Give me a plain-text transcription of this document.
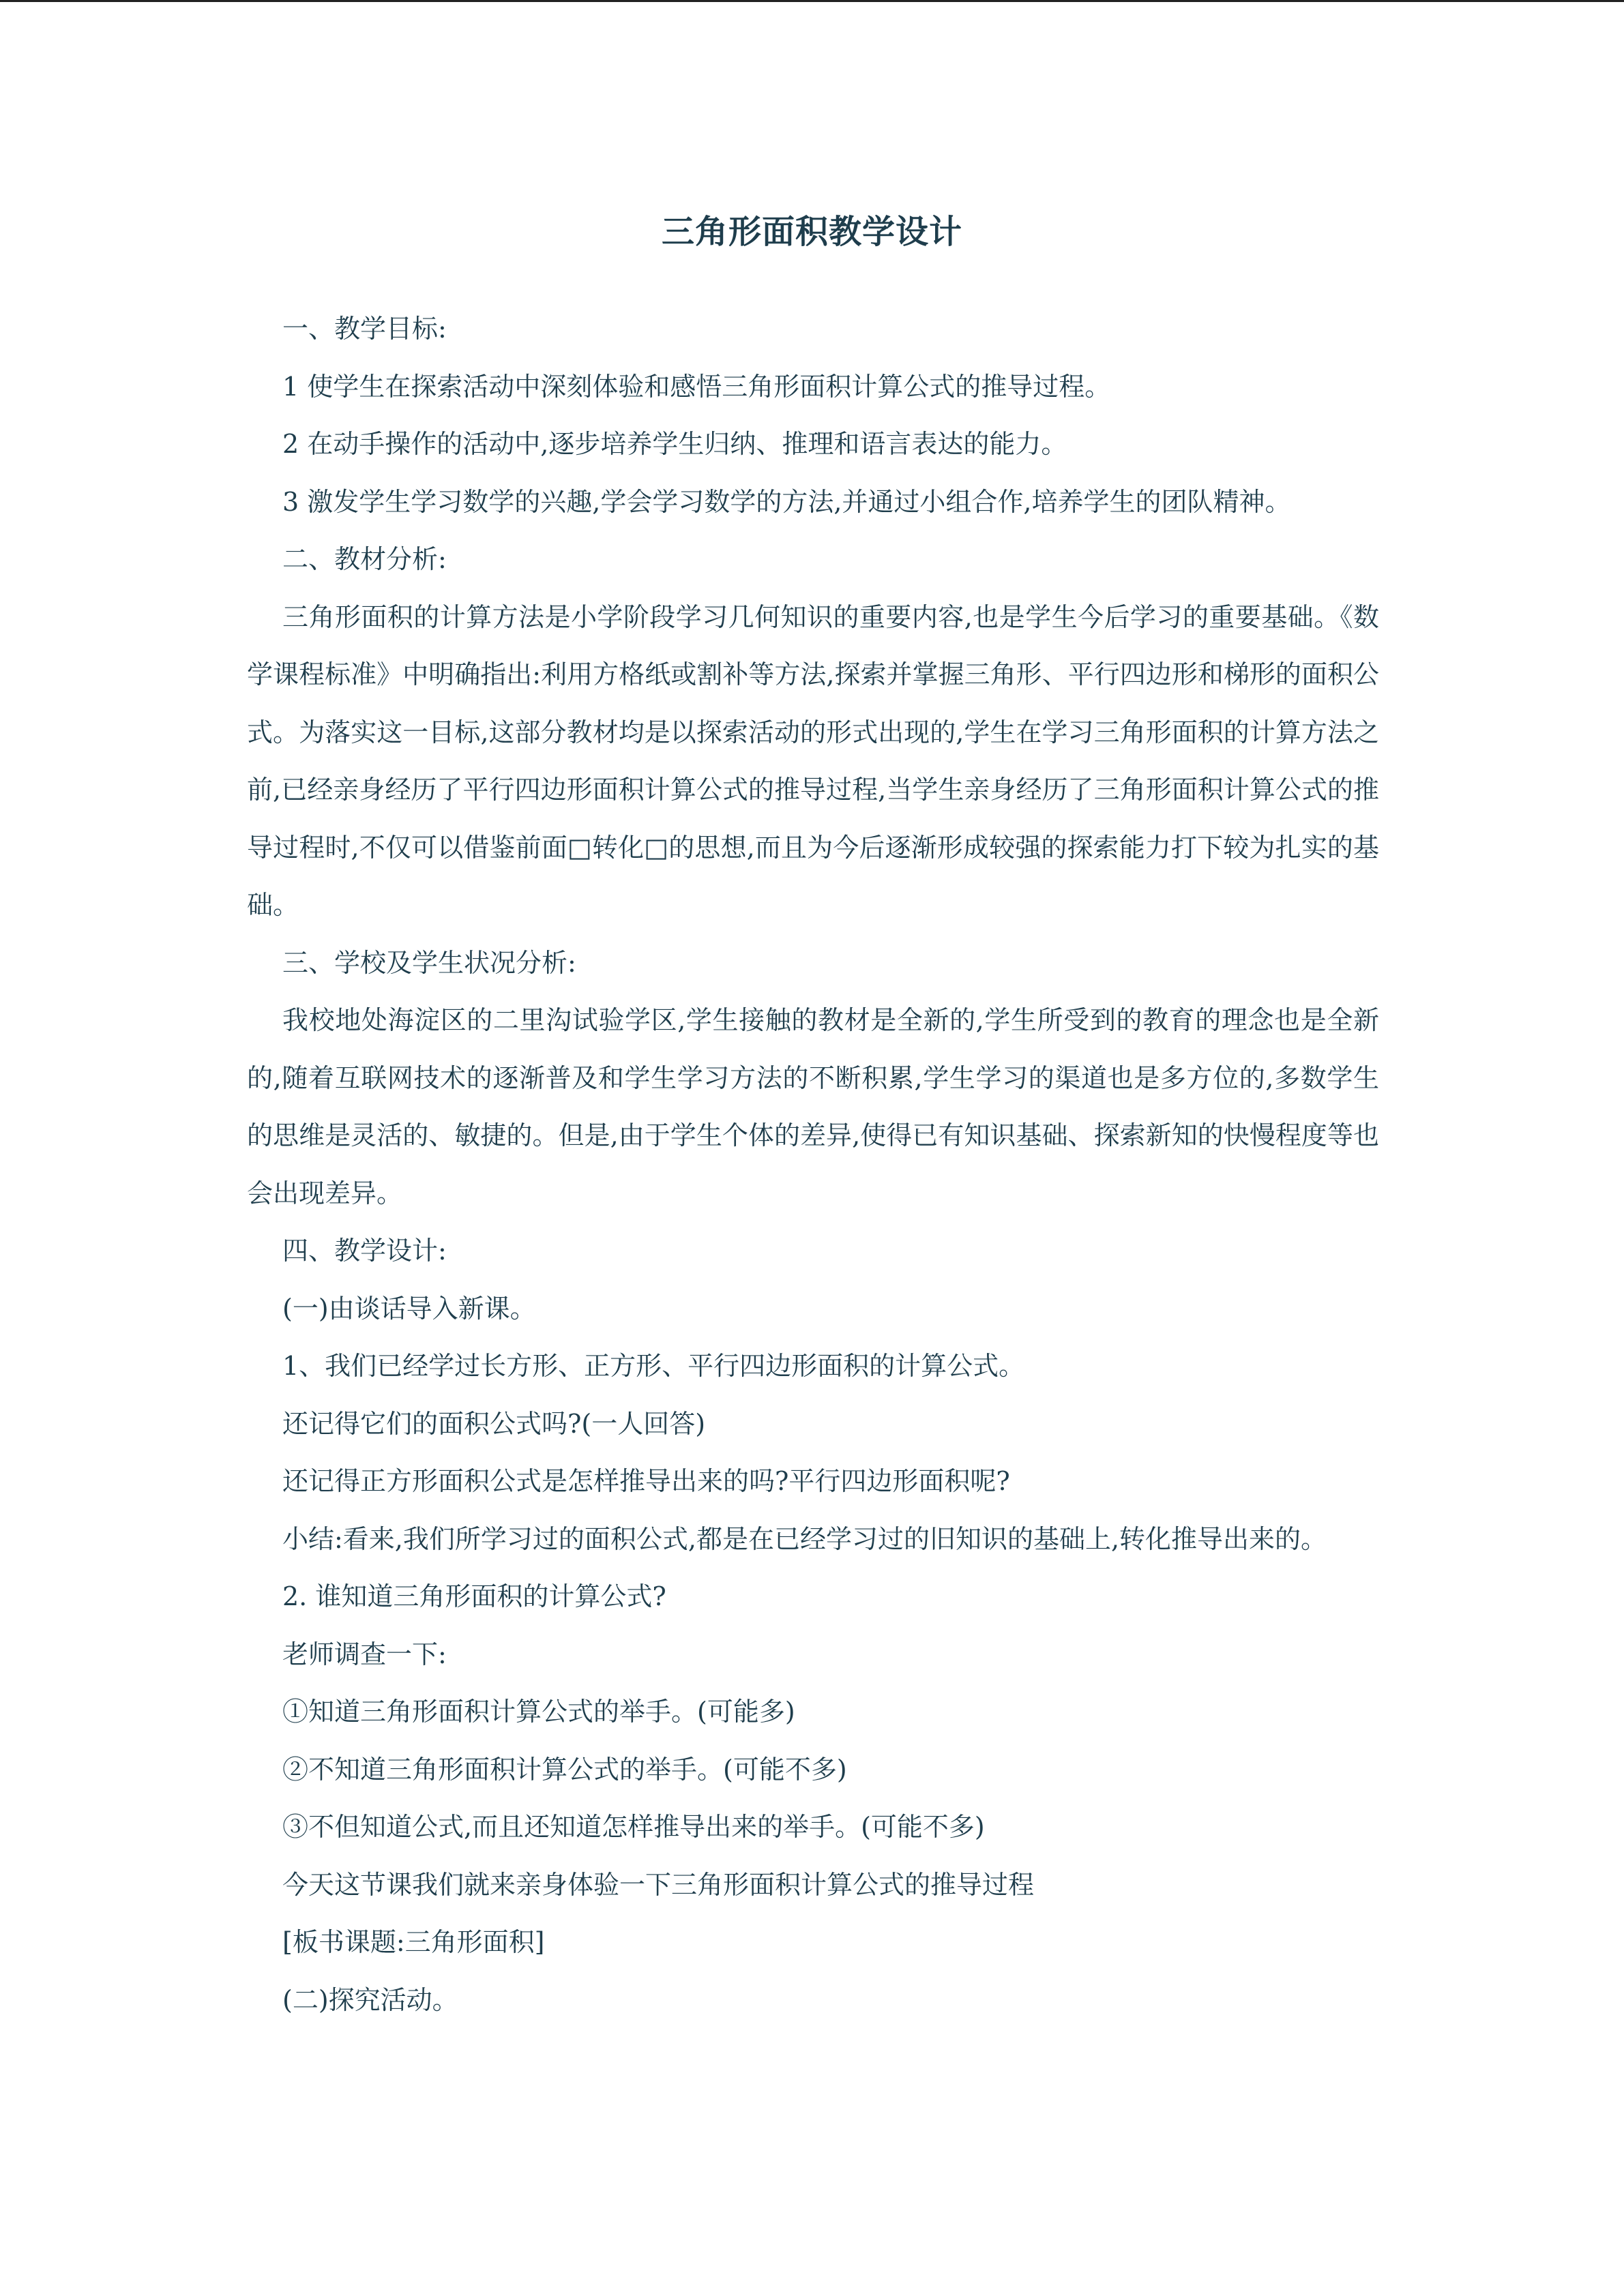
三角形面积教学设计

一、教学目标:

1 使学生在探索活动中深刻体验和感悟三角形面积计算公式的推导过程。

2 在动手操作的活动中,逐步培养学生归纳、推理和语言表达的能力。

3 激发学生学习数学的兴趣,学会学习数学的方法,并通过小组合作,培养学生的团队精神。

二、教材分析:

三角形面积的计算方法是小学阶段学习几何知识的重要内容,也是学生今后学习的重要基础。《数学课程标准》中明确指出:利用方格纸或割补等方法,探索并掌握三角形、平行四边形和梯形的面积公式。为落实这一目标,这部分教材均是以探索活动的形式出现的,学生在学习三角形面积的计算方法之前,已经亲身经历了平行四边形面积计算公式的推导过程,当学生亲身经历了三角形面积计算公式的推导过程时,不仅可以借鉴前面□转化□的思想,而且为今后逐渐形成较强的探索能力打下较为扎实的基础。

三、学校及学生状况分析:

我校地处海淀区的二里沟试验学区,学生接触的教材是全新的,学生所受到的教育的理念也是全新的,随着互联网技术的逐渐普及和学生学习方法的不断积累,学生学习的渠道也是多方位的,多数学生的思维是灵活的、敏捷的。但是,由于学生个体的差异,使得已有知识基础、探索新知的快慢程度等也会出现差异。

四、教学设计:

(一)由谈话导入新课。

1、我们已经学过长方形、正方形、平行四边形面积的计算公式。

还记得它们的面积公式吗?(一人回答)

还记得正方形面积公式是怎样推导出来的吗?平行四边形面积呢?

小结:看来,我们所学习过的面积公式,都是在已经学习过的旧知识的基础上,转化推导出来的。

2. 谁知道三角形面积的计算公式?

老师调查一下:

①知道三角形面积计算公式的举手。(可能多)

②不知道三角形面积计算公式的举手。(可能不多)

③不但知道公式,而且还知道怎样推导出来的举手。(可能不多)

今天这节课我们就来亲身体验一下三角形面积计算公式的推导过程

[板书课题:三角形面积]

(二)探究活动。
